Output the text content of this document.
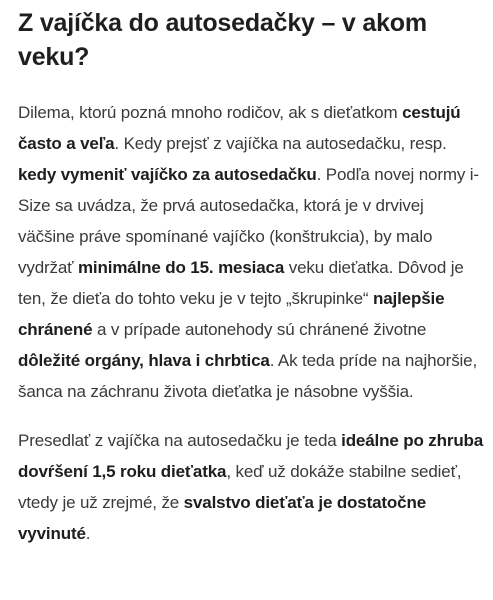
Z vajíčka do autosedačky – v akom veku?

Dilema, ktorú pozná mnoho rodičov, ak s dieťatkom cestujú často a veľa. Kedy prejsť z vajíčka na autosedačku, resp. kedy vymeniť vajíčko za autosedačku. Podľa novej normy i-Size sa uvádza, že prvá autosedačka, ktorá je v drvivej väčšine práve spomínané vajíčko (konštrukcia), by malo vydržať minimálne do 15. mesiaca veku dieťatka. Dôvod je ten, že dieťa do tohto veku je v tejto „škrupinke“ najlepšie chránené a v prípade autonehody sú chránené životne dôležité orgány, hlava i chrbtica. Ak teda príde na najhoršie, šanca na záchranu života dieťatka je násobne vyššia.

Presedlať z vajíčka na autosedačku je teda ideálne po zhruba dovŕšení 1,5 roku dieťatka, keď už dokáže stabilne sedieť, vtedy je už zrejmé, že svalstvo dieťaťa je dostatočne vyvinuté.
